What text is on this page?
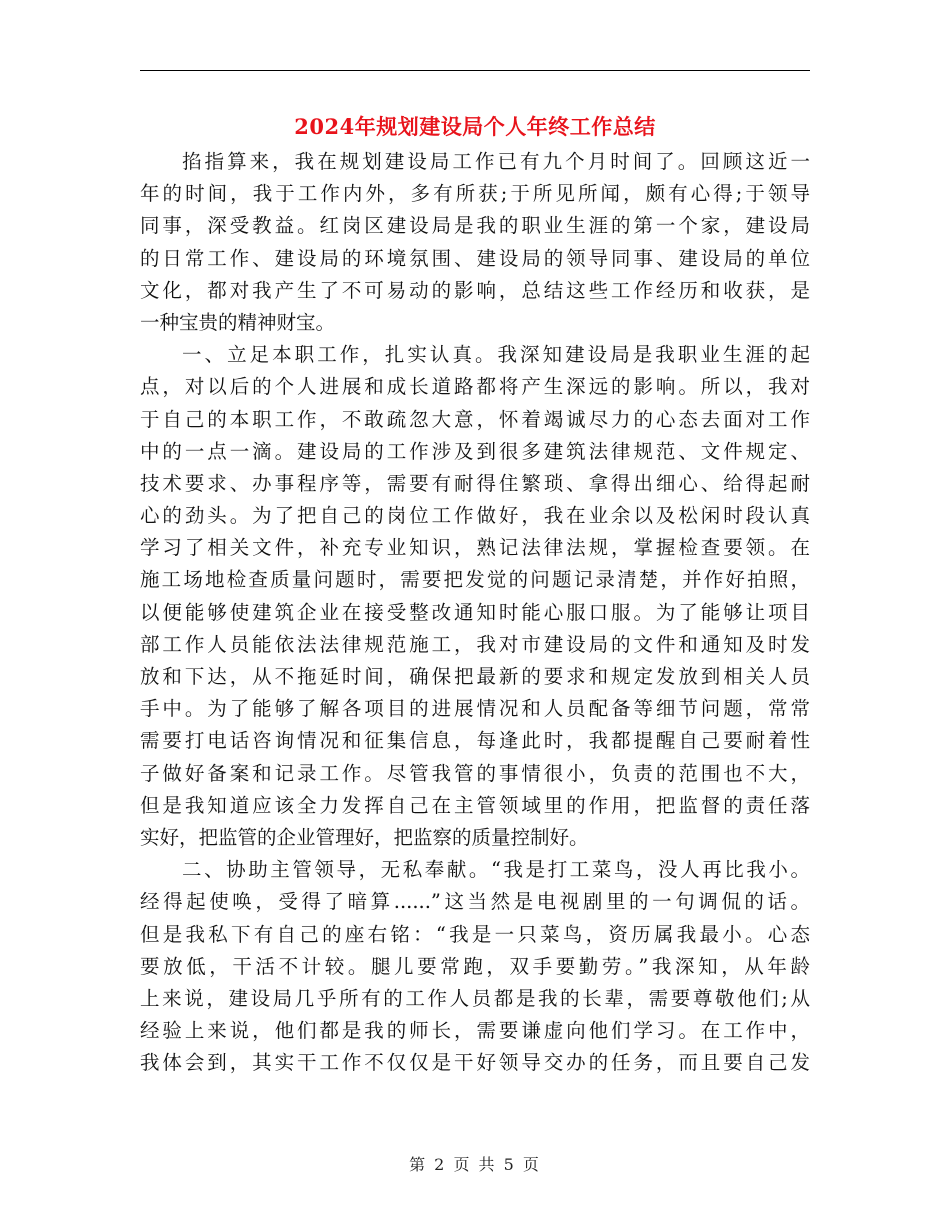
2024年规划建设局个人年终工作总结
掐指算来，我在规划建设局工作已有九个月时间了。回顾这近一
年的时间，我于工作内外，多有所获;于所见所闻，颇有心得;于领导
同事，深受教益。红岗区建设局是我的职业生涯的第一个家，建设局
的日常工作、建设局的环境氛围、建设局的领导同事、建设局的单位
文化，都对我产生了不可易动的影响，总结这些工作经历和收获，是
一种宝贵的精神财宝。
一、立足本职工作，扎实认真。我深知建设局是我职业生涯的起
点，对以后的个人进展和成长道路都将产生深远的影响。所以，我对
于自己的本职工作，不敢疏忽大意，怀着竭诚尽力的心态去面对工作
中的一点一滴。建设局的工作涉及到很多建筑法律规范、文件规定、
技术要求、办事程序等，需要有耐得住繁琐、拿得出细心、给得起耐
心的劲头。为了把自己的岗位工作做好，我在业余以及松闲时段认真
学习了相关文件，补充专业知识，熟记法律法规，掌握检查要领。在
施工场地检查质量问题时，需要把发觉的问题记录清楚，并作好拍照，
以便能够使建筑企业在接受整改通知时能心服口服。为了能够让项目
部工作人员能依法法律规范施工，我对市建设局的文件和通知及时发
放和下达，从不拖延时间，确保把最新的要求和规定发放到相关人员
手中。为了能够了解各项目的进展情况和人员配备等细节问题，常常
需要打电话咨询情况和征集信息，每逢此时，我都提醒自己要耐着性
子做好备案和记录工作。尽管我管的事情很小，负责的范围也不大，
但是我知道应该全力发挥自己在主管领域里的作用，把监督的责任落
实好，把监管的企业管理好，把监察的质量控制好。
二、协助主管领导，无私奉献。“我是打工菜鸟，没人再比我小。
经得起使唤，受得了暗算......”这当然是电视剧里的一句调侃的话。
但是我私下有自己的座右铭：“我是一只菜鸟，资历属我最小。心态
要放低，干活不计较。腿儿要常跑，双手要勤劳。”我深知，从年龄
上来说，建设局几乎所有的工作人员都是我的长辈，需要尊敬他们;从
经验上来说，他们都是我的师长，需要谦虚向他们学习。在工作中，
我体会到，其实干工作不仅仅是干好领导交办的任务，而且要自己发
第 2 页 共 5 页
